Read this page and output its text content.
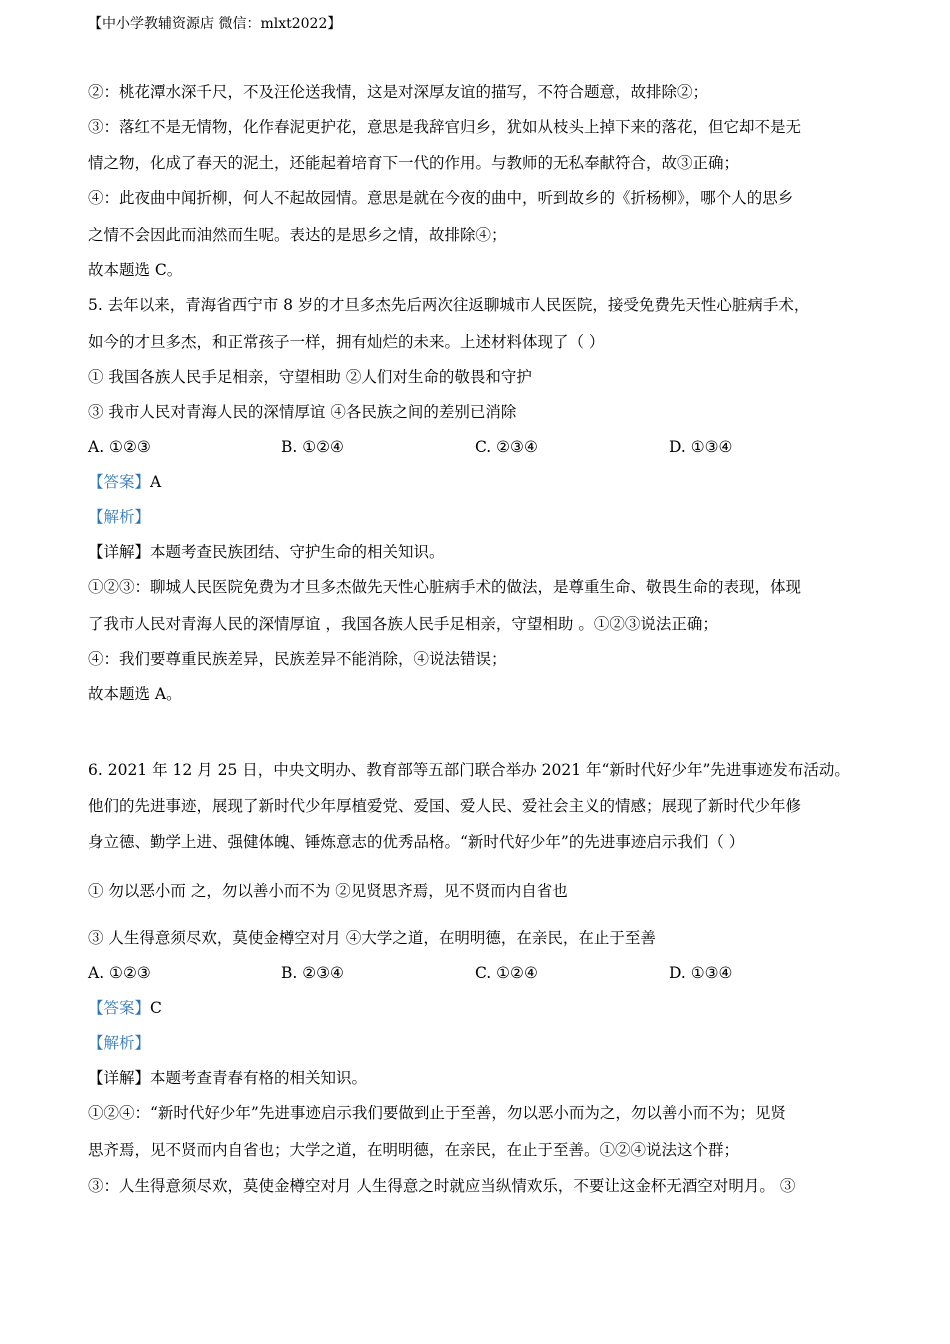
【中小学教辅资源店 微信：mlxt2022】
②：桃花潭水深千尺，不及汪伦送我情，这是对深厚友谊的描写，不符合题意，故排除②；
③：落红不是无情物，化作春泥更护花，意思是我辞官归乡，犹如从枝头上掉下来的落花，但它却不是无
情之物，化成了春天的泥土，还能起着培育下一代的作用。与教师的无私奉献符合，故③正确；
④：此夜曲中闻折柳，何人不起故园情。意思是就在今夜的曲中，听到故乡的《折杨柳》，哪个人的思乡
之情不会因此而油然而生呢。表达的是思乡之情，故排除④；
故本题选 C。
5. 去年以来，青海省西宁市 8 岁的才旦多杰先后两次往返聊城市人民医院，接受免费先天性心脏病手术，
如今的才旦多杰，和正常孩子一样，拥有灿烂的未来。上述材料体现了（ ）
① 我国各族人民手足相亲，守望相助 ②人们对生命的敬畏和守护
③ 我市人民对青海人民的深情厚谊 ④各民族之间的差别已消除
A. ①②③	B. ①②④	C. ②③④	D. ①③④
【答案】A
【解析】
【详解】本题考查民族团结、守护生命的相关知识。
①②③：聊城人民医院免费为才旦多杰做先天性心脏病手术的做法，是尊重生命、敬畏生命的表现，体现
了我市人民对青海人民的深情厚谊 ，我国各族人民手足相亲，守望相助 。①②③说法正确；
④：我们要尊重民族差异，民族差异不能消除，④说法错误；
故本题选 A。
6. 2021 年 12 月 25 日，中央文明办、教育部等五部门联合举办 2021 年“新时代好少年”先进事迹发布活动。
他们的先进事迹，展现了新时代少年厚植爱党、爱国、爱人民、爱社会主义的情感；展现了新时代少年修
身立德、勤学上进、强健体魄、锤炼意志的优秀品格。“新时代好少年”的先进事迹启示我们（ ）
① 勿以恶小而 之，勿以善小而不为 ②见贤思齐焉，见不贤而内自省也
③ 人生得意须尽欢，莫使金樽空对月 ④大学之道，在明明德，在亲民，在止于至善
A. ①②③	B. ②③④	C. ①②④	D. ①③④
【答案】C
【解析】
【详解】本题考查青春有格的相关知识。
①②④：“新时代好少年”先进事迹启示我们要做到止于至善，勿以恶小而为之，勿以善小而不为；见贤
思齐焉，见不贤而内自省也；大学之道，在明明德，在亲民，在止于至善。①②④说法这个群；
③：人生得意须尽欢，莫使金樽空对月 人生得意之时就应当纵情欢乐，不要让这金杯无酒空对明月。 ③
